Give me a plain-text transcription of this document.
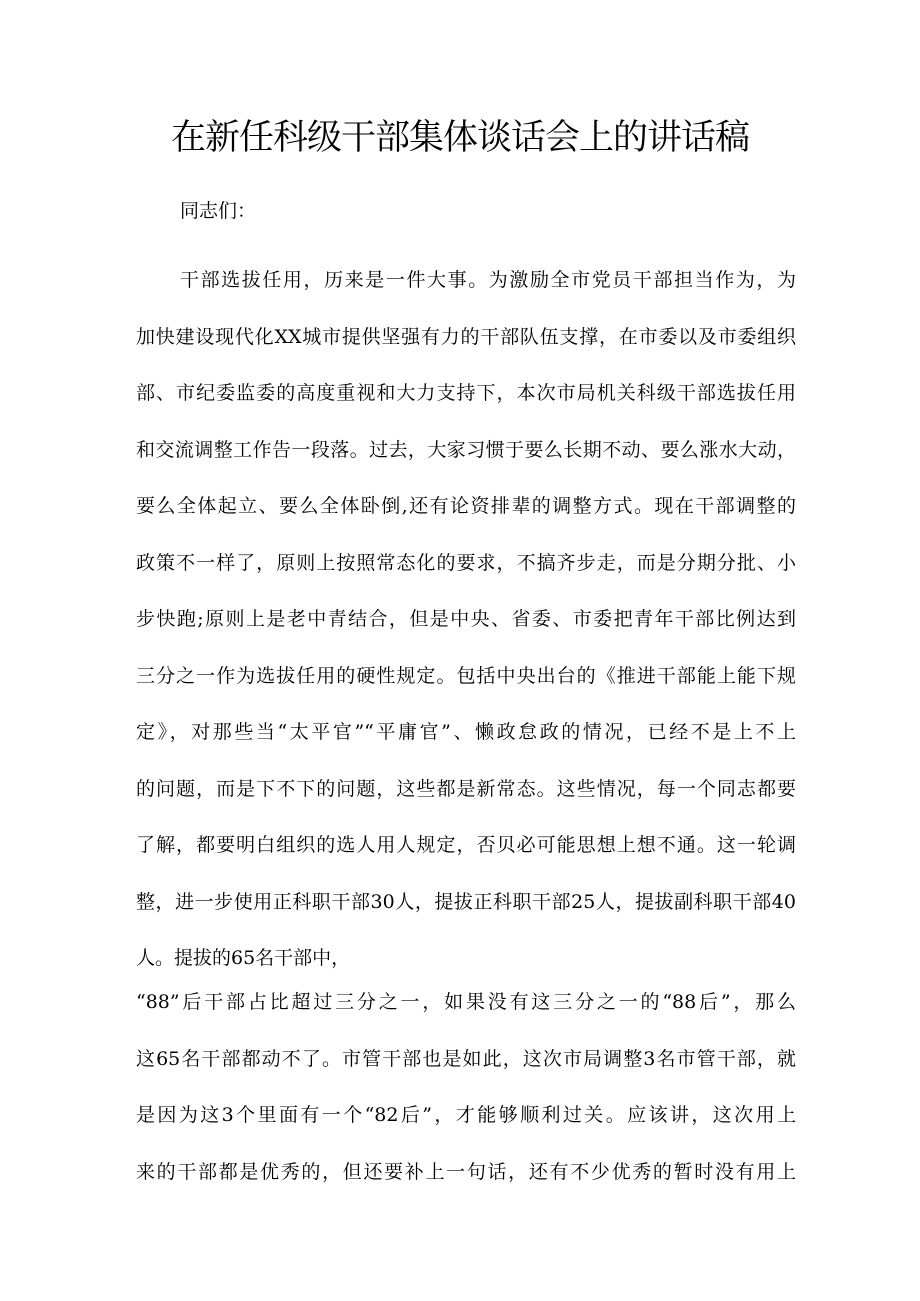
在新任科级干部集体谈话会上的讲话稿

同志们：

干部选拔任用，历来是一件大事。为激励全市党员干部担当作为，为
加快建设现代化XX城市提供坚强有力的干部队伍支撑，在市委以及市委组织
部、市纪委监委的高度重视和大力支持下，本次市局机关科级干部选拔任用
和交流调整工作告一段落。过去，大家习惯于要么长期不动、要么涨水大动，
要么全体起立、要么全体卧倒,还有论资排辈的调整方式。现在干部调整的
政策不一样了，原则上按照常态化的要求，不搞齐步走，而是分期分批、小
步快跑;原则上是老中青结合，但是中央、省委、市委把青年干部比例达到
三分之一作为选拔任用的硬性规定。包括中央出台的《推进干部能上能下规
定》，对那些当“太平官”“平庸官”、懒政怠政的情况，已经不是上不上
的问题，而是下不下的问题，这些都是新常态。这些情况，每一个同志都要
了解，都要明白组织的选人用人规定，否贝必可能思想上想不通。这一轮调
整，进一步使用正科职干部30人，提拔正科职干部25人，提拔副科职干部40
人。提拔的65名干部中，
“88”后干部占比超过三分之一，如果没有这三分之一的“88后”，那么
这65名干部都动不了。市管干部也是如此，这次市局调整3名市管干部，就
是因为这3个里面有一个“82后”，才能够顺利过关。应该讲，这次用上
来的干部都是优秀的，但还要补上一句话，还有不少优秀的暂时没有用上
